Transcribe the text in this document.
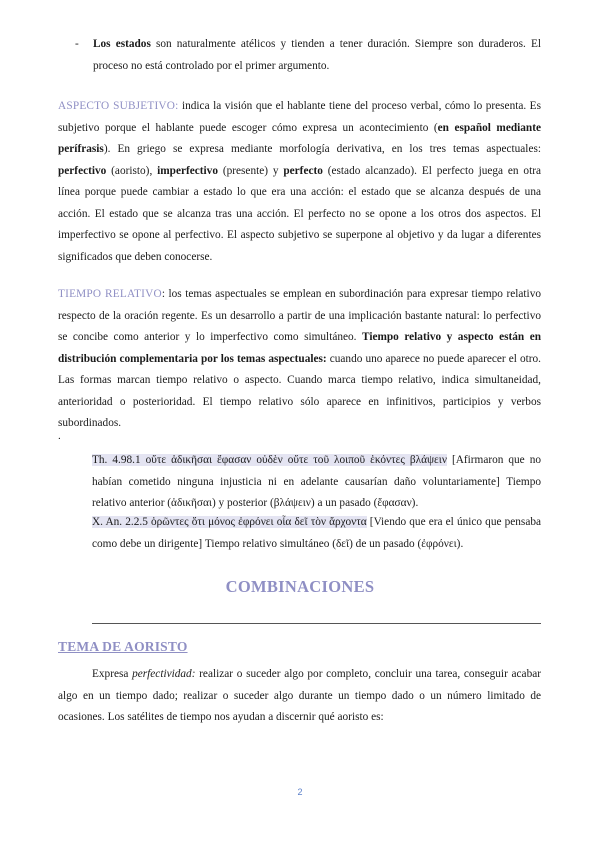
- Los estados son naturalmente atélicos y tienden a tener duración. Siempre son duraderos. El proceso no está controlado por el primer argumento.

ASPECTO SUBJETIVO: indica la visión que el hablante tiene del proceso verbal, cómo lo presenta. Es subjetivo porque el hablante puede escoger cómo expresa un acontecimiento (en español mediante perífrasis). En griego se expresa mediante morfología derivativa, en los tres temas aspectuales: perfectivo (aoristo), imperfectivo (presente) y perfecto (estado alcanzado). El perfecto juega en otra línea porque puede cambiar a estado lo que era una acción: el estado que se alcanza después de una acción. El estado que se alcanza tras una acción. El perfecto no se opone a los otros dos aspectos. El imperfectivo se opone al perfectivo. El aspecto subjetivo se superpone al objetivo y da lugar a diferentes significados que deben conocerse.

TIEMPO RELATIVO: los temas aspectuales se emplean en subordinación para expresar tiempo relativo respecto de la oración regente. Es un desarrollo a partir de una implicación bastante natural: lo perfectivo se concibe como anterior y lo imperfectivo como simultáneo. Tiempo relativo y aspecto están en distribución complementaria por los temas aspectuales: cuando uno aparece no puede aparecer el otro. Las formas marcan tiempo relativo o aspecto. Cuando marca tiempo relativo, indica simultaneidad, anterioridad o posterioridad. El tiempo relativo sólo aparece en infinitivos, participios y verbos subordinados.

.

Th. 4.98.1 οὔτε ἀδικῆσαι ἔφασαν οὐδὲν οὔτε τοῦ λοιποῦ ἑκόντες βλάψειν [Afirmaron que no habían cometido ninguna injusticia ni en adelante causarían daño voluntariamente] Tiempo relativo anterior (ἀδικῆσαι) y posterior (βλάψειν) a un pasado (ἔφασαν).

X. An. 2.2.5 ὁρῶντες ὅτι μόνος ἐφρόνει οἷα δεῖ τὸν ἄρχοντα [Viendo que era el único que pensaba como debe un dirigente] Tiempo relativo simultáneo (δεῖ) de un pasado (ἐφρόνει).

COMBINACIONES
TEMA DE AORISTO

Expresa perfectividad: realizar o suceder algo por completo, concluir una tarea, conseguir acabar algo en un tiempo dado; realizar o suceder algo durante un tiempo dado o un número limitado de ocasiones. Los satélites de tiempo nos ayudan a discernir qué aoristo es:

2
